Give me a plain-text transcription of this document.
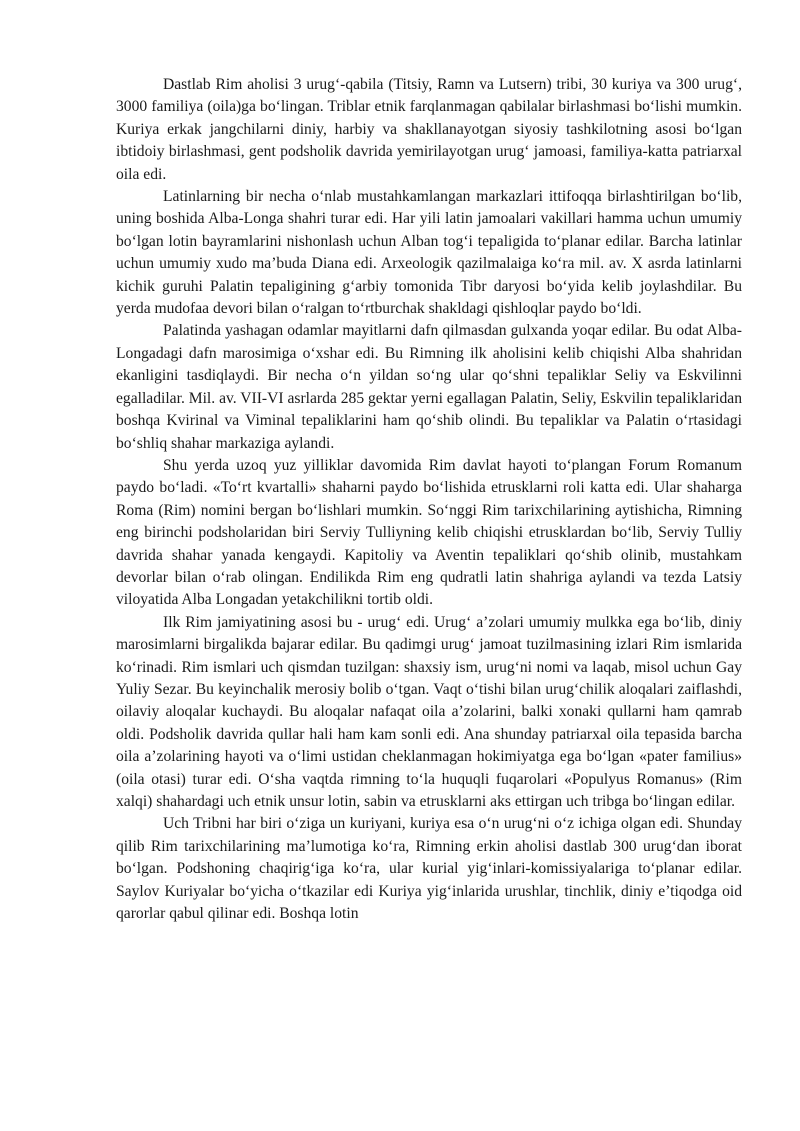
Dastlab Rim aholisi 3 urug‘-qabila (Titsiy, Ramn va Lutsern) tribi, 30 kuriya va 300 urug‘, 3000 familiya (oila)ga bo‘lingan. Triblar etnik farqlanmagan qabilalar birlashmasi bo‘lishi mumkin. Kuriya erkak jangchilarni diniy, harbiy va shakllanayotgan siyosiy tashkilotning asosi bo‘lgan ibtidoiy birlashmasi, gent podsholik davrida yemirilayotgan urug‘ jamoasi, familiya-katta patriarxal oila edi.

Latinlarning bir necha o‘nlab mustahkamlangan markazlari ittifoqqa birlashtirilgan bo‘lib, uning boshida Alba-Longa shahri turar edi. Har yili latin jamoalari vakillari hamma uchun umumiy bo‘lgan lotin bayramlarini nishonlash uchun Alban tog‘i tepaligida to‘planar edilar. Barcha latinlar uchun umumiy xudo ma’buda Diana edi. Arxeologik qazilmalaiga ko‘ra mil. av. X asrda latinlarni kichik guruhi Palatin tepaligining g‘arbiy tomonida Tibr daryosi bo‘yida kelib joylashdilar. Bu yerda mudofaa devori bilan o‘ralgan to‘rtburchak shakldagi qishloqlar paydo bo‘ldi.

Palatinda yashagan odamlar mayitlarni dafn qilmasdan gulxanda yoqar edilar. Bu odat Alba-Longadagi dafn marosimiga o‘xshar edi. Bu Rimning ilk aholisini kelib chiqishi Alba shahridan ekanligini tasdiqlaydi. Bir necha o‘n yildan so‘ng ular qo‘shni tepaliklar Seliy va Eskvilinni egalladilar. Mil. av. VII-VI asrlarda 285 gektar yerni egallagan Palatin, Seliy, Eskvilin tepaliklaridan boshqa Kvirinal va Viminal tepaliklarini ham qo‘shib olindi. Bu tepaliklar va Palatin o‘rtasidagi bo‘shliq shahar markaziga aylandi.

Shu yerda uzoq yuz yilliklar davomida Rim davlat hayoti to‘plangan Forum Romanum paydo bo‘ladi. «To‘rt kvartalli» shaharni paydo bo‘lishida etrusklarni roli katta edi. Ular shaharga Roma (Rim) nomini bergan bo‘lishlari mumkin. So‘nggi Rim tarixchilarining aytishicha, Rimning eng birinchi podsholaridan biri Serviy Tulliyning kelib chiqishi etrusklardan bo‘lib, Serviy Tulliy davrida shahar yanada kengaydi. Kapitoliy va Aventin tepaliklari qo‘shib olinib, mustahkam devorlar bilan o‘rab olingan. Endilikda Rim eng qudratli latin shahriga aylandi va tezda Latsiy viloyatida Alba Longadan yetakchilikni tortib oldi.

Ilk Rim jamiyatining asosi bu - urug‘ edi. Urug‘ a’zolari umumiy mulkka ega bo‘lib, diniy marosimlarni birgalikda bajarar edilar. Bu qadimgi urug‘ jamoat tuzilmasining izlari Rim ismlarida ko‘rinadi. Rim ismlari uch qismdan tuzilgan: shaxsiy ism, urug‘ni nomi va laqab, misol uchun Gay Yuliy Sezar. Bu keyinchalik merosiy bolib o‘tgan. Vaqt o‘tishi bilan urug‘chilik aloqalari zaiflashdi, oilaviy aloqalar kuchaydi. Bu aloqalar nafaqat oila a’zolarini, balki xonaki qullarni ham qamrab oldi. Podsholik davrida qullar hali ham kam sonli edi. Ana shunday patriarxal oila tepasida barcha oila a’zolarining hayoti va o‘limi ustidan cheklanmagan hokimiyatga ega bo‘lgan «pater familius» (oila otasi) turar edi. O‘sha vaqtda rimning to‘la huquqli fuqarolari «Populyus Romanus» (Rim xalqi) shahardagi uch etnik unsur lotin, sabin va etrusklarni aks ettirgan uch tribga bo‘lingan edilar.

Uch Tribni har biri o‘ziga un kuriyani, kuriya esa o‘n urug‘ni o‘z ichiga olgan edi. Shunday qilib Rim tarixchilarining ma’lumotiga ko‘ra, Rimning erkin aholisi dastlab 300 urug‘dan iborat bo‘lgan. Podshoning chaqirig‘iga ko‘ra, ular kurial yig‘inlari-komissiyalariga to‘planar edilar. Saylov Kuriyalar bo‘yicha o‘tkazilar edi Kuriya yig‘inlarida urushlar, tinchlik, diniy e’tiqodga oid qarorlar qabul qilinar edi. Boshqa lotin
